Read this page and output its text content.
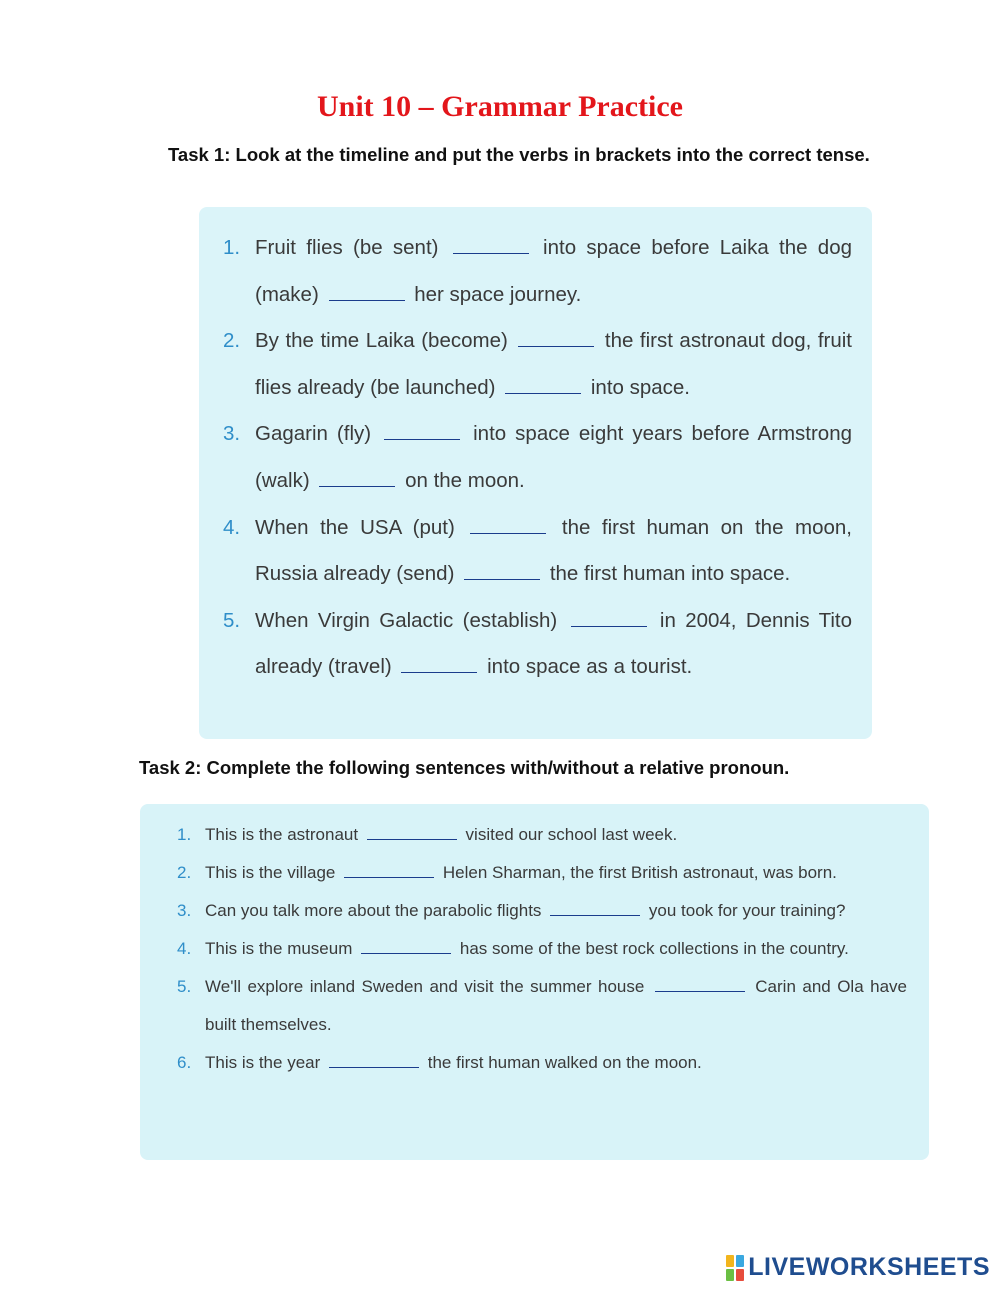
Unit 10 – Grammar Practice
Task 1: Look at the timeline and put the verbs in brackets into the correct tense.
1. Fruit flies (be sent)	into space before Laika the dog (make)	her space journey.
2. By the time Laika (become)	the first astronaut dog, fruit flies already (be launched)	into space.
3. Gagarin (fly)	into space eight years before Armstrong (walk)	on the moon.
4. When the USA (put)	the first human on the moon, Russia already (send)	the first human into space.
5. When Virgin Galactic (establish)	in 2004, Dennis Tito already (travel)	into space as a tourist.
Task 2: Complete the following sentences with/without a relative pronoun.
1. This is the astronaut	visited our school last week.
2. This is the village	Helen Sharman, the first British astronaut, was born.
3. Can you talk more about the parabolic flights	you took for your training?
4. This is the museum	has some of the best rock collections in the country.
5. We'll explore inland Sweden and visit the summer house	Carin and Ola have built themselves.
6. This is the year	the first human walked on the moon.
LIVEWORKSHEETS
